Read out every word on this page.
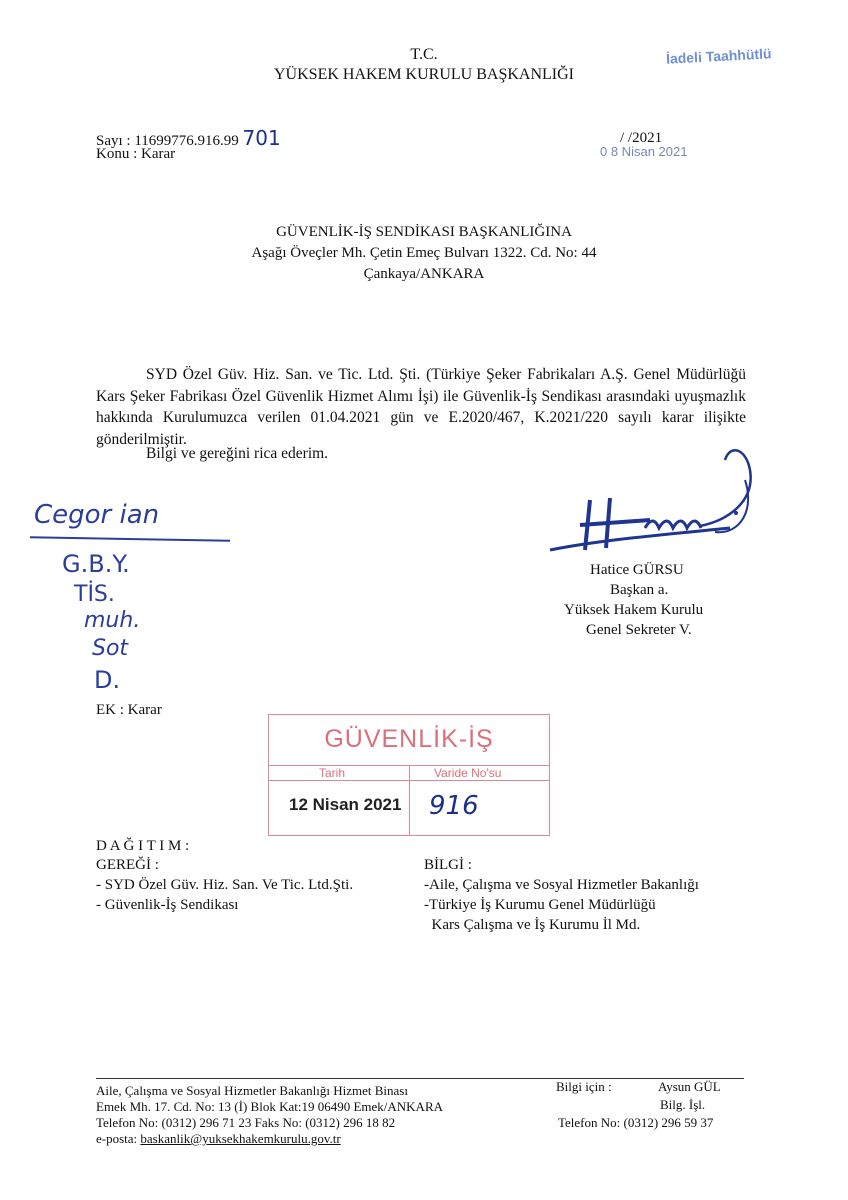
T.C.
YÜKSEK HAKEM KURULU BAŞKANLIĞI
İadeli Taahhütlü
Sayı : 11699776.916.99 701
Konu : Karar
/ /2021
0 8 Nisan 2021
GÜVENLİK-İŞ SENDİKASI BAŞKANLIĞINA
Aşağı Öveçler Mh. Çetin Emeç Bulvarı 1322. Cd. No: 44
Çankaya/ANKARA
SYD Özel Güv. Hiz. San. ve Tic. Ltd. Şti. (Türkiye Şeker Fabrikaları A.Ş. Genel Müdürlüğü Kars Şeker Fabrikası Özel Güvenlik Hizmet Alımı İşi) ile Güvenlik-İş Sendikası arasındaki uyuşmazlık hakkında Kurulumuzca verilen 01.04.2021 gün ve E.2020/467, K.2021/220 sayılı karar ilişikte gönderilmiştir.
Bilgi ve gereğini rica ederim.
Cegor ian
G.B.Y.
TİS.
muh.
Sot
D.
Hatice GÜRSU
Başkan a.
Yüksek Hakem Kurulu
Genel Sekreter V.
EK : Karar
GÜVENLİK-İŞ
Tarih	Varide No'su
12 Nisan 2021 916
D A Ğ I T I M :
GEREĞİ :
- SYD Özel Güv. Hiz. San. Ve Tic. Ltd.Şti.
- Güvenlik-İş Sendikası
BİLGİ :
-Aile, Çalışma ve Sosyal Hizmetler Bakanlığı
-Türkiye İş Kurumu Genel Müdürlüğü
Kars Çalışma ve İş Kurumu İl Md.
Aile, Çalışma ve Sosyal Hizmetler Bakanlığı Hizmet Binası
Emek Mh. 17. Cd. No: 13 (İ) Blok Kat:19 06490 Emek/ANKARA
Telefon No: (0312) 296 71 23 Faks No: (0312) 296 18 82
e-posta: baskanlik@yuksekhakemkurulu.gov.tr
Bilgi için :	Aysun GÜL
Bilg. İşl.
Telefon No: (0312) 296 59 37
